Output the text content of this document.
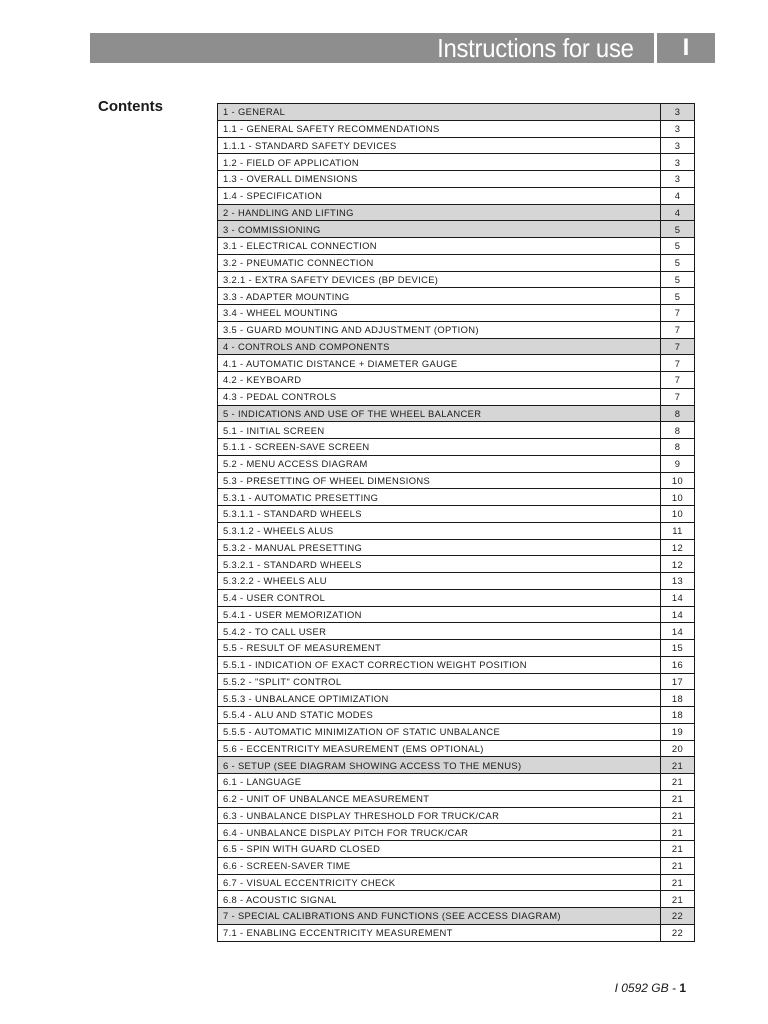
Instructions for use	I
Contents	1 - GENERAL	3
1.1 - GENERAL SAFETY RECOMMENDATIONS	3
1.1.1 - STANDARD SAFETY DEVICES	3
1.2 - FIELD OF APPLICATION	3
1.3 - OVERALL DIMENSIONS	3
1.4 - SPECIFICATION	4
2 - HANDLING AND LIFTING	4
3 - COMMISSIONING	5
3.1 - ELECTRICAL CONNECTION	5
3.2 - PNEUMATIC CONNECTION	5
3.2.1 - EXTRA SAFETY DEVICES (BP DEVICE)	5
3.3 - ADAPTER MOUNTING	5
3.4 - WHEEL MOUNTING	7
3.5 - GUARD MOUNTING AND ADJUSTMENT (OPTION)	7
4 - CONTROLS AND COMPONENTS	7
4.1 - AUTOMATIC DISTANCE + DIAMETER GAUGE	7
4.2 - KEYBOARD	7
4.3 - PEDAL CONTROLS	7
5 - INDICATIONS AND USE OF THE WHEEL BALANCER	8
5.1 - INITIAL SCREEN	8
5.1.1 - SCREEN-SAVE SCREEN	8
5.2 - MENU ACCESS DIAGRAM	9
5.3 - PRESETTING OF WHEEL DIMENSIONS	10
5.3.1 - AUTOMATIC PRESETTING	10
5.3.1.1 - STANDARD WHEELS	10
5.3.1.2 - WHEELS ALUS	11
5.3.2 - MANUAL PRESETTING	12
5.3.2.1 - STANDARD WHEELS	12
5.3.2.2 - WHEELS ALU	13
5.4 - USER CONTROL	14
5.4.1 - USER MEMORIZATION	14
5.4.2 - TO CALL USER	14
5.5 - RESULT OF MEASUREMENT	15
5.5.1 - INDICATION OF EXACT CORRECTION WEIGHT POSITION	16
5.5.2 - "SPLIT" CONTROL	17
5.5.3 - UNBALANCE OPTIMIZATION	18
5.5.4 - ALU AND STATIC MODES	18
5.5.5 - AUTOMATIC MINIMIZATION OF STATIC UNBALANCE	19
5.6 - ECCENTRICITY MEASUREMENT (EMS OPTIONAL)	20
6 - SETUP (SEE DIAGRAM SHOWING ACCESS TO THE MENUS)	21
6.1 - LANGUAGE	21
6.2 - UNIT OF UNBALANCE MEASUREMENT	21
6.3 - UNBALANCE DISPLAY THRESHOLD FOR TRUCK/CAR	21
6.4 - UNBALANCE DISPLAY PITCH FOR TRUCK/CAR	21
6.5 - SPIN WITH GUARD CLOSED	21
6.6 - SCREEN-SAVER TIME	21
6.7 - VISUAL ECCENTRICITY CHECK	21
6.8 - ACOUSTIC SIGNAL	21
7 - SPECIAL CALIBRATIONS AND FUNCTIONS (SEE ACCESS DIAGRAM)	22
7.1 - ENABLING ECCENTRICITY MEASUREMENT	22
I 0592 GB - 1
